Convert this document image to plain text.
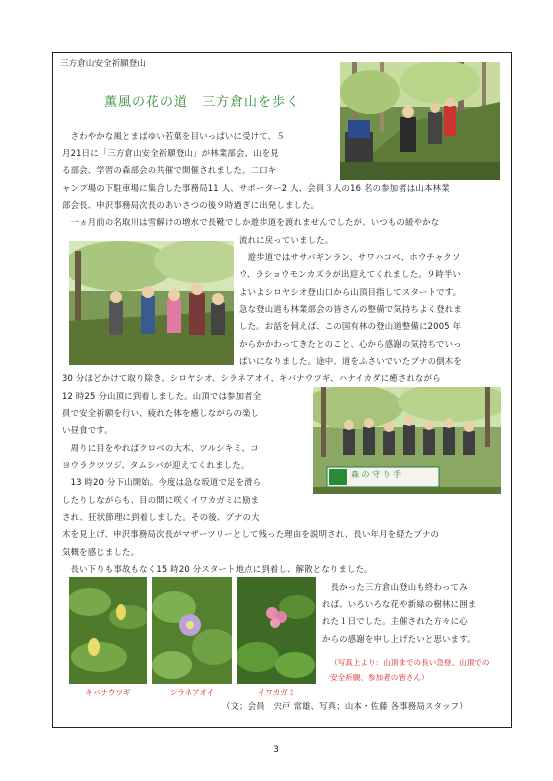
三方倉山安全祈願登山
薫風の花の道　三方倉山を歩く
森 の 守 り 手
キバナウツギ	シラネアオイ	イワカガミ
　さわやかな風とまばゆい若葉を目いっぱいに受けて、５
月21日に「三方倉山安全祈願登山」が林業部会、山を見
る部会、学習の森部会の共催で開催されました。二口キ
ャンプ場の下駐車場に集合した事務局11 人、サポーター2 人、会員３人の16 名の参加者は山本林業
部会長、申沢事務局次長のあいさつの後９時過ぎに出発しました。
　一ヵ月前の名取川は雪解けの増水で長靴でしか遊歩道を渡れませんでしたが、いつもの緩やかな
流れに戻っていました。
　遊歩道ではササバギンラン、サワハコベ、ホウチャクソ
ウ、ラショウモンカズラが出迎えてくれました。９時半い
よいよシロヤシオ登山口から山頂目指してスタートです。
急な登山道も林業部会の皆さんの整備で気持ちよく登れま
した。お話を伺えば、この国有林の登山道整備に2005 年
からかかわってきたとのこと、心から感謝の気持ちでいっ
ぱいになりました。途中、道をふさいでいたブナの倒木を
30 分ほどかけて取り除き、シロヤシオ、シラネアオイ、キバナウツギ、ハナイカダに癒されながら
12 時25 分山頂に到着しました。山頂では参加者全
員で安全祈願を行い、疲れた体を癒しながらの楽し
い昼食です。
　周りに目をやればクロベの大木、ツルシキミ、コ
ヨウラクツツジ、タムシバが迎えてくれました。
　13 時20 分下山開始。今度は急な坂道で足を滑ら
したりしながらも、目の間に咲くイワカガミに励ま
され、狂状節理に到着しました。その後、ブナの大
木を見上げ、申沢事務局次長がマザーツリーとして残った理由を説明され、長い年月を経たブナの
気概を感じました。
　長い下りも事故もなく15 時20 分スタート地点に到着し、解散となりました。
　長かった三方倉山登山も終わってみ
れば、いろいろな花や新緑の樹林に囲ま
れた１日でした。主催された方々に心
からの感謝を申し上げたいと思います。
（写真上より：山頂までの長い急登、山頂での
安全祈願、参加者の皆さん）
（文；会員　宍戸 常雄、写真；山本・佐藤 各事務局スタッフ）
3
